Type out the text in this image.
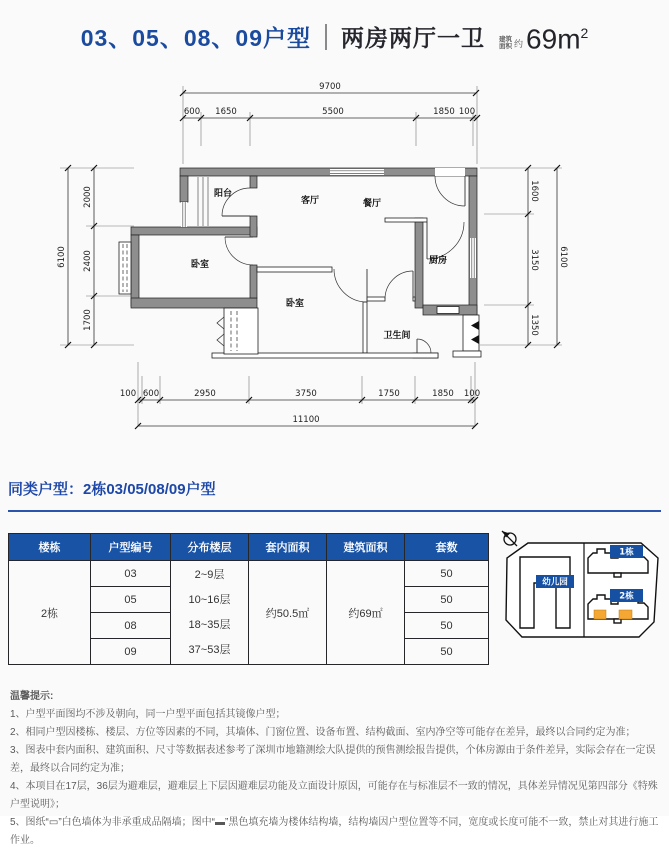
03、05、08、09户型 两房两厅一卫 建筑
面积 约 $69m^2$
9700
600 1650	5500	1850 100
6100
2000
2400
1700
1600
3150
1350
6100
100 600	2950	3750	1750	1850 100
11100
阳台
客厅	餐厅
卧室
卧室
厨房
卫生间
同类户型：2栋03/05/08/09户型
楼栋	户型编号	分布楼层	套内面积	建筑面积	套数
2栋	03	2~9层
10~16层
18~35层
37~53层	约50.5㎡	约69㎡	50
	05				50
	08				50
	09				50
幼儿园
1栋
2栋

温馨提示:

1、户型平面图均不涉及朝向，同一户型平面包括其镜像户型；

2、相同户型因楼栋、楼层、方位等因素的不同，其墙体、门窗位置、设备布置、结构截面、室内净空等可能存在差异，最终以合同约定为准；

3、图表中套内面积、建筑面积、尺寸等数据表述参考了深圳市地籍测绘大队提供的预售测绘报告提供，个体房源由于条件差异，实际会存在一定误差，最终以合同约定为准；

4、本项目在17层，36层为避难层，避难层上下层因避难层功能及立面设计原因，可能存在与标准层不一致的情况，具体差异情况见第四部分《特殊户型说明》；

5、图纸“▭”白色墙体为非承重成品隔墙；图中“▬”黑色填充墙为楼体结构墙，结构墙因户型位置等不同，宽度或长度可能不一致，禁止对其进行施工作业。
